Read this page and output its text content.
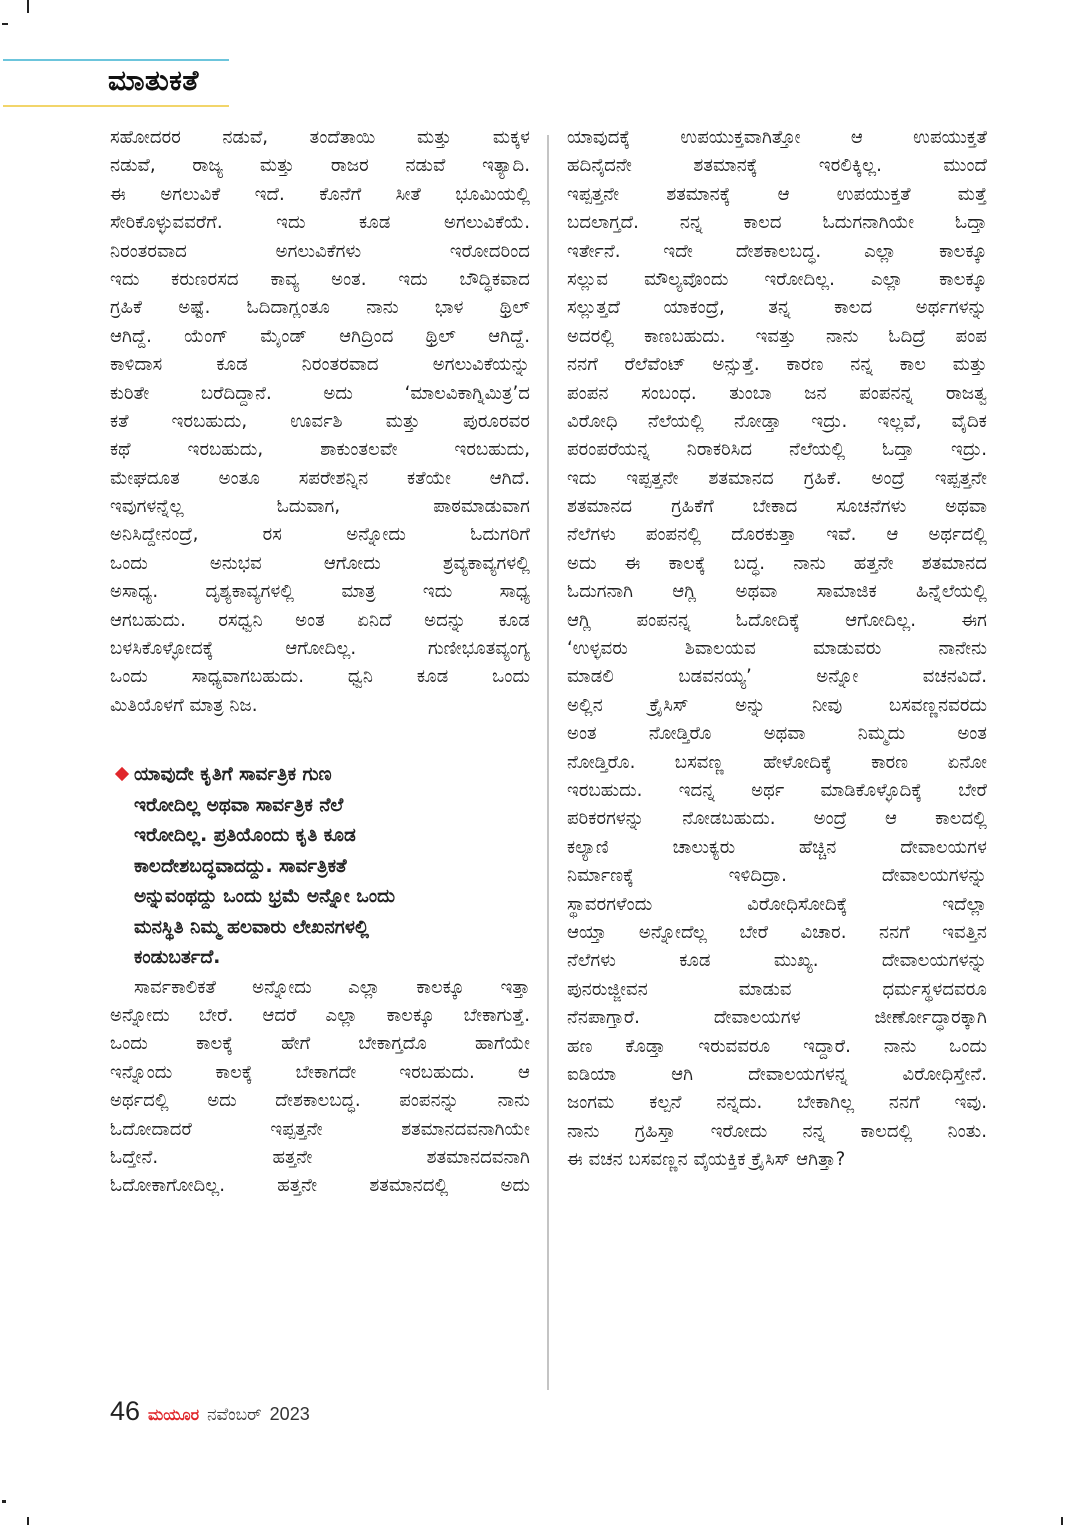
ಮಾತುಕತೆ
ಸಹೋದರರ ನಡುವೆ, ತಂದೆತಾಯಿ ಮತ್ತು ಮಕ್ಕಳ
ನಡುವೆ, ರಾಜ್ಯ ಮತ್ತು ರಾಜರ ನಡುವೆ ಇತ್ಯಾದಿ.
ಈ ಅಗಲುವಿಕೆ ಇದೆ. ಕೊನೆಗೆ ಸೀತೆ ಭೂಮಿಯಲ್ಲಿ
ಸೇರಿಕೊಳ್ಳುವವರೆಗೆ. ಇದು ಕೂಡ ಅಗಲುವಿಕೆಯೆ.
ನಿರಂತರವಾದ ಅಗಲುವಿಕೆಗಳು ಇರೋದರಿಂದ
ಇದು ಕರುಣರಸದ ಕಾವ್ಯ ಅಂತ. ಇದು ಬೌದ್ಧಿಕವಾದ
ಗ್ರಹಿಕೆ ಅಷ್ಟೆ. ಓದಿದಾಗ್ಲಂತೂ ನಾನು ಭಾಳ ಥ್ರಿಲ್
ಆಗಿದ್ದೆ. ಯೆಂಗ್ ಮೈಂಡ್ ಆಗಿದ್ರಿಂದ ಥ್ರಿಲ್ ಆಗಿದ್ದೆ.
ಕಾಳಿದಾಸ ಕೂಡ ನಿರಂತರವಾದ ಅಗಲುವಿಕೆಯನ್ನು
ಕುರಿತೇ ಬರೆದಿದ್ದಾನೆ. ಅದು ‘ಮಾಲವಿಕಾಗ್ನಿಮಿತ್ರ’ದ
ಕತೆ ಇರಬಹುದು, ಊರ್ವಶಿ ಮತ್ತು ಪುರೂರವರ
ಕಥೆ ಇರಬಹುದು, ಶಾಕುಂತಲವೇ ಇರಬಹುದು,
ಮೇಘದೂತ ಅಂತೂ ಸಪರೇಶನ್ನಿನ ಕತೆಯೇ ಆಗಿದೆ.
ಇವುಗಳನ್ನೆಲ್ಲ ಓದುವಾಗ, ಪಾಠಮಾಡುವಾಗ
ಅನಿಸಿದ್ದೇನಂದ್ರೆ, ರಸ ಅನ್ನೋದು ಓದುಗರಿಗೆ
ಒಂದು ಅನುಭವ ಆಗೋದು ಶ್ರವ್ಯಕಾವ್ಯಗಳಲ್ಲಿ
ಅಸಾಧ್ಯ. ದೃಶ್ಯಕಾವ್ಯಗಳಲ್ಲಿ ಮಾತ್ರ ಇದು ಸಾಧ್ಯ
ಆಗಬಹುದು. ರಸಧ್ವನಿ ಅಂತ ಏನಿದೆ ಅದನ್ನು ಕೂಡ
ಬಳಸಿಕೊಳ್ಳೋದಕ್ಕೆ ಆಗೋದಿಲ್ಲ. ಗುಣೀಭೂತವ್ಯಂಗ್ಯ
ಒಂದು ಸಾಧ್ಯವಾಗಬಹುದು. ಧ್ವನಿ ಕೂಡ ಒಂದು
ಮಿತಿಯೊಳಗೆ ಮಾತ್ರ ನಿಜ.
ಯಾವುದೇ ಕೃತಿಗೆ ಸಾರ್ವತ್ರಿಕ ಗುಣ
ಇರೋದಿಲ್ಲ ಅಥವಾ ಸಾರ್ವತ್ರಿಕ ನೆಲೆ
ಇರೋದಿಲ್ಲ. ಪ್ರತಿಯೊಂದು ಕೃತಿ ಕೂಡ
ಕಾಲದೇಶಬದ್ಧವಾದದ್ದು. ಸಾರ್ವತ್ರಿಕತೆ
ಅನ್ನುವಂಥದ್ದು ಒಂದು ಭ್ರಮೆ ಅನ್ನೋ ಒಂದು
ಮನಸ್ಥಿತಿ ನಿಮ್ಮ ಹಲವಾರು ಲೇಖನಗಳಲ್ಲಿ
ಕಂಡುಬರ್ತದೆ.
ಸಾರ್ವಕಾಲಿಕತೆ ಅನ್ನೋದು ಎಲ್ಲಾ ಕಾಲಕ್ಕೂ ಇತ್ತಾ
ಅನ್ನೋದು ಬೇರೆ. ಆದರೆ ಎಲ್ಲಾ ಕಾಲಕ್ಕೂ ಬೇಕಾಗುತ್ತೆ.
ಒಂದು ಕಾಲಕ್ಕೆ ಹೇಗೆ ಬೇಕಾಗ್ತದೊ ಹಾಗೆಯೇ
ಇನ್ನೊಂದು ಕಾಲಕ್ಕೆ ಬೇಕಾಗದೇ ಇರಬಹುದು. ಆ
ಅರ್ಥದಲ್ಲಿ ಅದು ದೇಶಕಾಲಬದ್ಧ. ಪಂಪನನ್ನು ನಾನು
ಓದೋದಾದರೆ ಇಪ್ಪತ್ತನೇ ಶತಮಾನದವನಾಗಿಯೇ
ಓದ್ತೇನೆ. ಹತ್ತನೇ ಶತಮಾನದವನಾಗಿ
ಓದೋಕಾಗೋದಿಲ್ಲ. ಹತ್ತನೇ ಶತಮಾನದಲ್ಲಿ ಅದು
ಯಾವುದಕ್ಕೆ ಉಪಯುಕ್ತವಾಗಿತ್ತೋ ಆ ಉಪಯುಕ್ತತೆ
ಹದಿನೈದನೇ ಶತಮಾನಕ್ಕೆ ಇರಲಿಕ್ಕಿಲ್ಲ. ಮುಂದೆ
ಇಪ್ಪತ್ತನೇ ಶತಮಾನಕ್ಕೆ ಆ ಉಪಯುಕ್ತತೆ ಮತ್ತೆ
ಬದಲಾಗ್ತದೆ. ನನ್ನ ಕಾಲದ ಓದುಗನಾಗಿಯೇ ಓದ್ತಾ
ಇರ್ತೇನೆ. ಇದೇ ದೇಶಕಾಲಬದ್ಧ. ಎಲ್ಲಾ ಕಾಲಕ್ಕೂ
ಸಲ್ಲುವ ಮೌಲ್ಯವೊಂದು ಇರೋದಿಲ್ಲ. ಎಲ್ಲಾ ಕಾಲಕ್ಕೂ
ಸಲ್ಲುತ್ತದೆ ಯಾಕಂದ್ರೆ, ತನ್ನ ಕಾಲದ ಅರ್ಥಗಳನ್ನು
ಅದರಲ್ಲಿ ಕಾಣಬಹುದು. ಇವತ್ತು ನಾನು ಓದಿದ್ರೆ ಪಂಪ
ನನಗೆ ರೆಲೆವೆಂಟ್ ಅನ್ಸುತ್ತೆ. ಕಾರಣ ನನ್ನ ಕಾಲ ಮತ್ತು
ಪಂಪನ ಸಂಬಂಧ. ತುಂಬಾ ಜನ ಪಂಪನನ್ನ ರಾಜತ್ವ
ವಿರೋಧಿ ನೆಲೆಯಲ್ಲಿ ನೋಡ್ತಾ ಇದ್ರು. ಇಲ್ಲವೆ, ವೈದಿಕ
ಪರಂಪರೆಯನ್ನ ನಿರಾಕರಿಸಿದ ನೆಲೆಯಲ್ಲಿ ಓದ್ತಾ ಇದ್ರು.
ಇದು ಇಪ್ಪತ್ತನೇ ಶತಮಾನದ ಗ್ರಹಿಕೆ. ಅಂದ್ರೆ ಇಪ್ಪತ್ತನೇ
ಶತಮಾನದ ಗ್ರಹಿಕೆಗೆ ಬೇಕಾದ ಸೂಚನೆಗಳು ಅಥವಾ
ನೆಲೆಗಳು ಪಂಪನಲ್ಲಿ ದೊರಕುತ್ತಾ ಇವೆ. ಆ ಅರ್ಥದಲ್ಲಿ
ಅದು ಈ ಕಾಲಕ್ಕೆ ಬದ್ಧ. ನಾನು ಹತ್ತನೇ ಶತಮಾನದ
ಓದುಗನಾಗಿ ಆಗ್ಲಿ ಅಥವಾ ಸಾಮಾಜಿಕ ಹಿನ್ನೆಲೆಯಲ್ಲಿ
ಆಗ್ಲಿ ಪಂಪನನ್ನ ಓದೋದಿಕ್ಕೆ ಆಗೋದಿಲ್ಲ. ಈಗ
‘ಉಳ್ಳವರು ಶಿವಾಲಯವ ಮಾಡುವರು ನಾನೇನು
ಮಾಡಲಿ ಬಡವನಯ್ಯ’ ಅನ್ನೋ ವಚನವಿದೆ.
ಅಲ್ಲಿನ ಕ್ರೈಸಿಸ್ ಅನ್ನು ನೀವು ಬಸವಣ್ಣನವರದು
ಅಂತ ನೋಡ್ತಿರೊ ಅಥವಾ ನಿಮ್ಮದು ಅಂತ
ನೋಡ್ತಿರೊ. ಬಸವಣ್ಣ ಹೇಳೋದಿಕ್ಕೆ ಕಾರಣ ಏನೋ
ಇರಬಹುದು. ಇದನ್ನ ಅರ್ಥ ಮಾಡಿಕೊಳ್ಳೊದಿಕ್ಕೆ ಬೇರೆ
ಪರಿಕರಗಳನ್ನು ನೋಡಬಹುದು. ಅಂದ್ರೆ ಆ ಕಾಲದಲ್ಲಿ
ಕಲ್ಯಾಣಿ ಚಾಲುಕ್ಯರು ಹೆಚ್ಚಿನ ದೇವಾಲಯಗಳ
ನಿರ್ಮಾಣಕ್ಕೆ ಇಳಿದಿದ್ರಾ. ದೇವಾಲಯಗಳನ್ನು
ಸ್ಥಾವರಗಳೆಂದು ವಿರೋಧಿಸೋದಿಕ್ಕೆ ಇದೆಲ್ಲಾ
ಆಯ್ತಾ ಅನ್ನೋದೆಲ್ಲ ಬೇರೆ ವಿಚಾರ. ನನಗೆ ಇವತ್ತಿನ
ನೆಲೆಗಳು ಕೂಡ ಮುಖ್ಯ. ದೇವಾಲಯಗಳನ್ನು
ಪುನರುಜ್ಜೀವನ ಮಾಡುವ ಧರ್ಮಸ್ಥಳದವರೂ
ನೆನಪಾಗ್ತಾರೆ. ದೇವಾಲಯಗಳ ಜೀರ್ಣೋದ್ಧಾರಕ್ಕಾಗಿ
ಹಣ ಕೊಡ್ತಾ ಇರುವವರೂ ಇದ್ದಾರೆ. ನಾನು ಒಂದು
ಐಡಿಯಾ ಆಗಿ ದೇವಾಲಯಗಳನ್ನ ವಿರೋಧಿಸ್ತೇನೆ.
ಜಂಗಮ ಕಲ್ಪನೆ ನನ್ನದು. ಬೇಕಾಗಿಲ್ಲ ನನಗೆ ಇವು.
ನಾನು ಗ್ರಹಿಸ್ತಾ ಇರೋದು ನನ್ನ ಕಾಲದಲ್ಲಿ ನಿಂತು.
ಈ ವಚನ ಬಸವಣ್ಣನ ವೈಯಕ್ತಿಕ ಕ್ರೈಸಿಸ್ ಆಗಿತ್ತಾ?
46 ಮಯೂರ ನವೆಂಬರ್ 2023
